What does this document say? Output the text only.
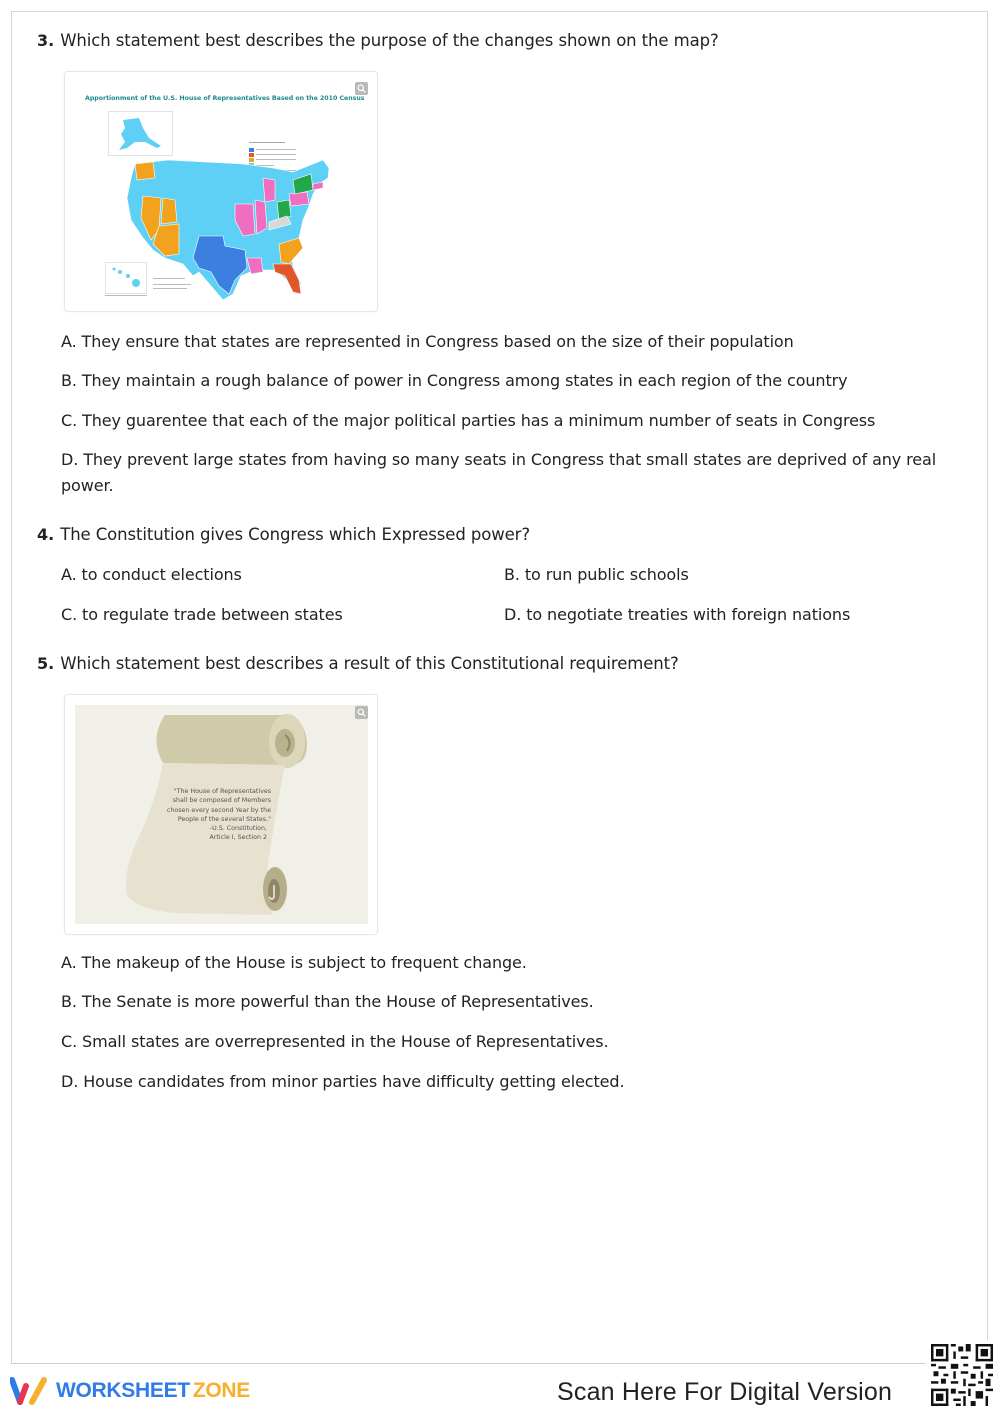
3. Which statement best describes the purpose of the changes shown on the map?
Apportionment of the U.S. House of Representatives Based on the 2010 Census
A. They ensure that states are represented in Congress based on the size of their population
B. They maintain a rough balance of power in Congress among states in each region of the country
C. They guarentee that each of the major political parties has a minimum number of seats in Congress
D. They prevent large states from having so many seats in Congress that small states are deprived of any real power.
4. The Constitution gives Congress which Expressed power?
A. to conduct elections	B. to run public schools
C. to regulate trade between states	D. to negotiate treaties with foreign nations
5. Which statement best describes a result of this Constitutional requirement?
"The House of Representatives
shall be composed of Members
chosen every second Year by the
People of the several States."
-U.S. Constitution,
Article I, Section 2
A. The makeup of the House is subject to frequent change.
B. The Senate is more powerful than the House of Representatives.
C. Small states are overrepresented in the House of Representatives.
D. House candidates from minor parties have difficulty getting elected.
WORKSHEET ZONE	Scan Here For Digital Version
